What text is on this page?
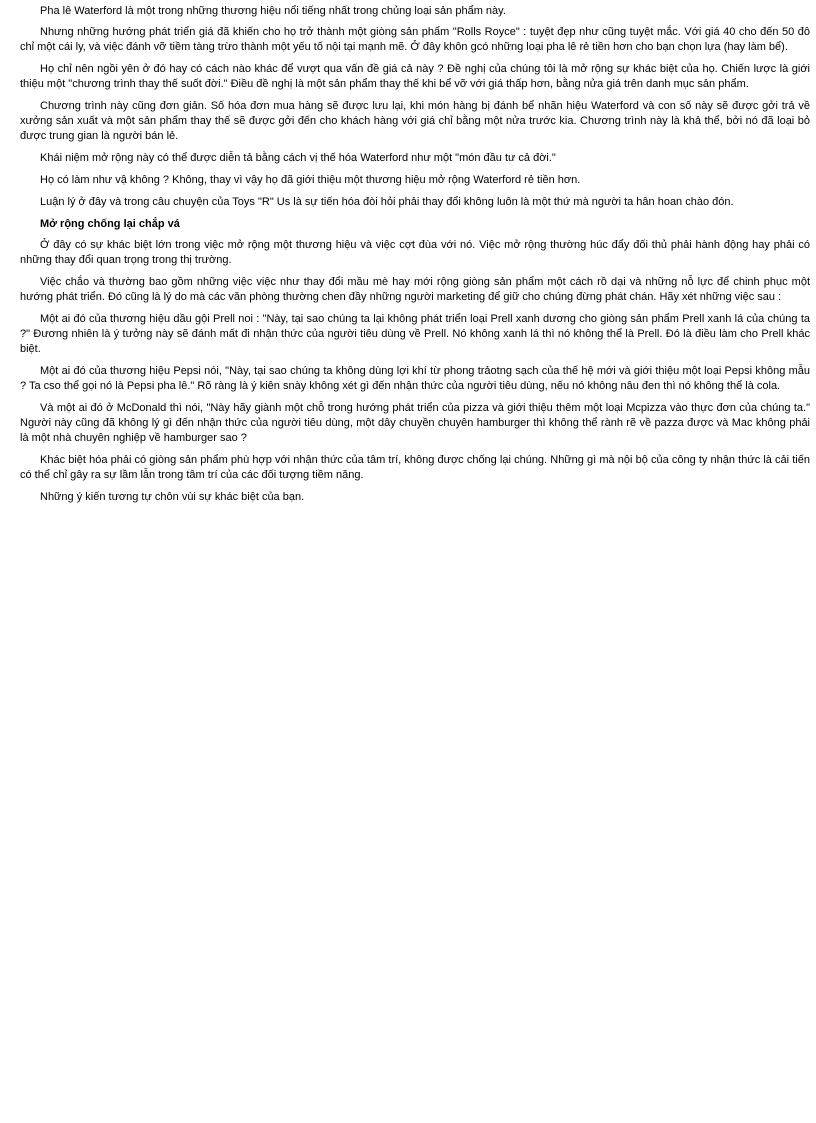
Pha lê Waterford là một trong những thương hiệu nổi tiếng nhất trong chủng loại sản phẩm này.

Nhưng những hướng phát triển giá đã khiến cho họ trở thành một giòng sản phẩm "Rolls Royce" : tuyệt đẹp như cũng tuyệt mắc. Với giá 40 cho đến 50 đô chỉ một cái ly, và việc đánh vỡ tiềm tàng trừo thành một yếu tố nội tại mạnh mẽ. Ở đây khôn gcó những loại pha lê rẻ tiền hơn cho bạn chọn lựa (hay làm bể).

Họ chỉ nên ngồi yên ở đó hay có cách nào khác để vượt qua vấn đề giá cả này ? Đề nghị của chúng tôi là mở rộng sự khác biệt của họ. Chiến lược là giới thiệu một "chương trình thay thế suốt đời." Điều đề nghị là một sản phẩm thay thế khi bể vỡ với giá thấp hơn, bằng nửa giá trên danh mục sản phẩm.

Chương trình này cũng đơn giản. Số hóa đơn mua hàng sẽ được lưu lại, khi món hàng bị đánh bể nhãn hiệu Waterford và con số này sẽ được gởi trả về xưởng sản xuất và một sản phẩm thay thế sẽ được gởi đến cho khách hàng với giá chỉ bằng một nửa trước kia. Chương trình này là khả thể, bởi nó đã loại bỏ được trung gian là người bán lẻ.

Khái niệm mở rộng này có thể được diễn tả bằng cách vị thế hóa Waterford như một "món đầu tư cả đời."

Họ có làm như vậ không ? Không, thay vì vậy họ đã giới thiệu một thương hiệu mở rộng Waterford rẻ tiền hơn.

Luận lý ở đây và trong câu chuyện của Toys "R" Us là sự tiến hóa đòi hỏi phải thay đổi không luôn là một thứ mà người ta hân hoan chào đón.

Mở rộng chống lại chắp vá

Ở đây có sự khác biệt lớn trong việc mở rộng một thương hiệu và việc cợt đùa với nó. Việc mở rộng thường húc đẩy đối thủ phải hành động hay phải có những thay đổi quan trọng trong thị trường.

Việc chắo và thường bao gồm những việc việc như thay đổi mầu mè hay mới rộng giòng sản phẩm một cách rồ dại và những nỗ lực để chinh phục một hướng phát triển. Đó cũng là lý do mà các văn phòng thường chen đầy những người marketing để giữ cho chúng đừng phát chán. Hãy xét những việc sau :

Một ai đó của thương hiệu dầu gội Prell noi : "Này, tại sao chúng ta lại không phát triển loại Prell xanh dương cho giòng sản phẩm Prell xanh lá của chúng ta ?" Đương nhiên là ý tưởng này sẽ đánh mất đi nhận thức của người tiêu dùng về Prell. Nó không xanh lá thì nó không thể là Prell. Đó là điều làm cho Prell khác biệt.

Một ai đó của thương hiệu Pepsi nói, "Này, tại sao chúng ta không dùng lợi khí từ phong trảotng sạch của thế hệ mới và giới thiệu một loại Pepsi không mẫu ? Ta cso thể gọi nó là Pepsi pha lê." Rõ ràng là ý kiên snày không xét gì đến nhận thức của người tiêu dùng, nếu nó không nâu đen thì nó không thể là cola.

Và một ai đó ở McDonald thì nói, "Này hãy giành một chỗ trong hướng phát triển của pizza và giới thiệu thêm một loại Mcpizza vào thực đơn của chúng ta." Người này cũng đã không lý gì đến nhận thức của người tiêu dùng, một dây chuyền chuyên hamburger thì không thể rành rẽ về pazza được và Mac không phải là một nhà chuyên nghiệp về hamburger sao ?

Khác biệt hóa phải có giòng sản phẩm phù hợp với nhận thức của tâm trí, không được chống lại chúng. Những gì mà nội bộ của công ty nhận thức là cải tiến có thể chỉ gây ra sự lầm lẫn trong tâm trí của các đối tượng tiềm năng.

Những ý kiến tương tự chôn vùi sự khác biệt của bạn.
